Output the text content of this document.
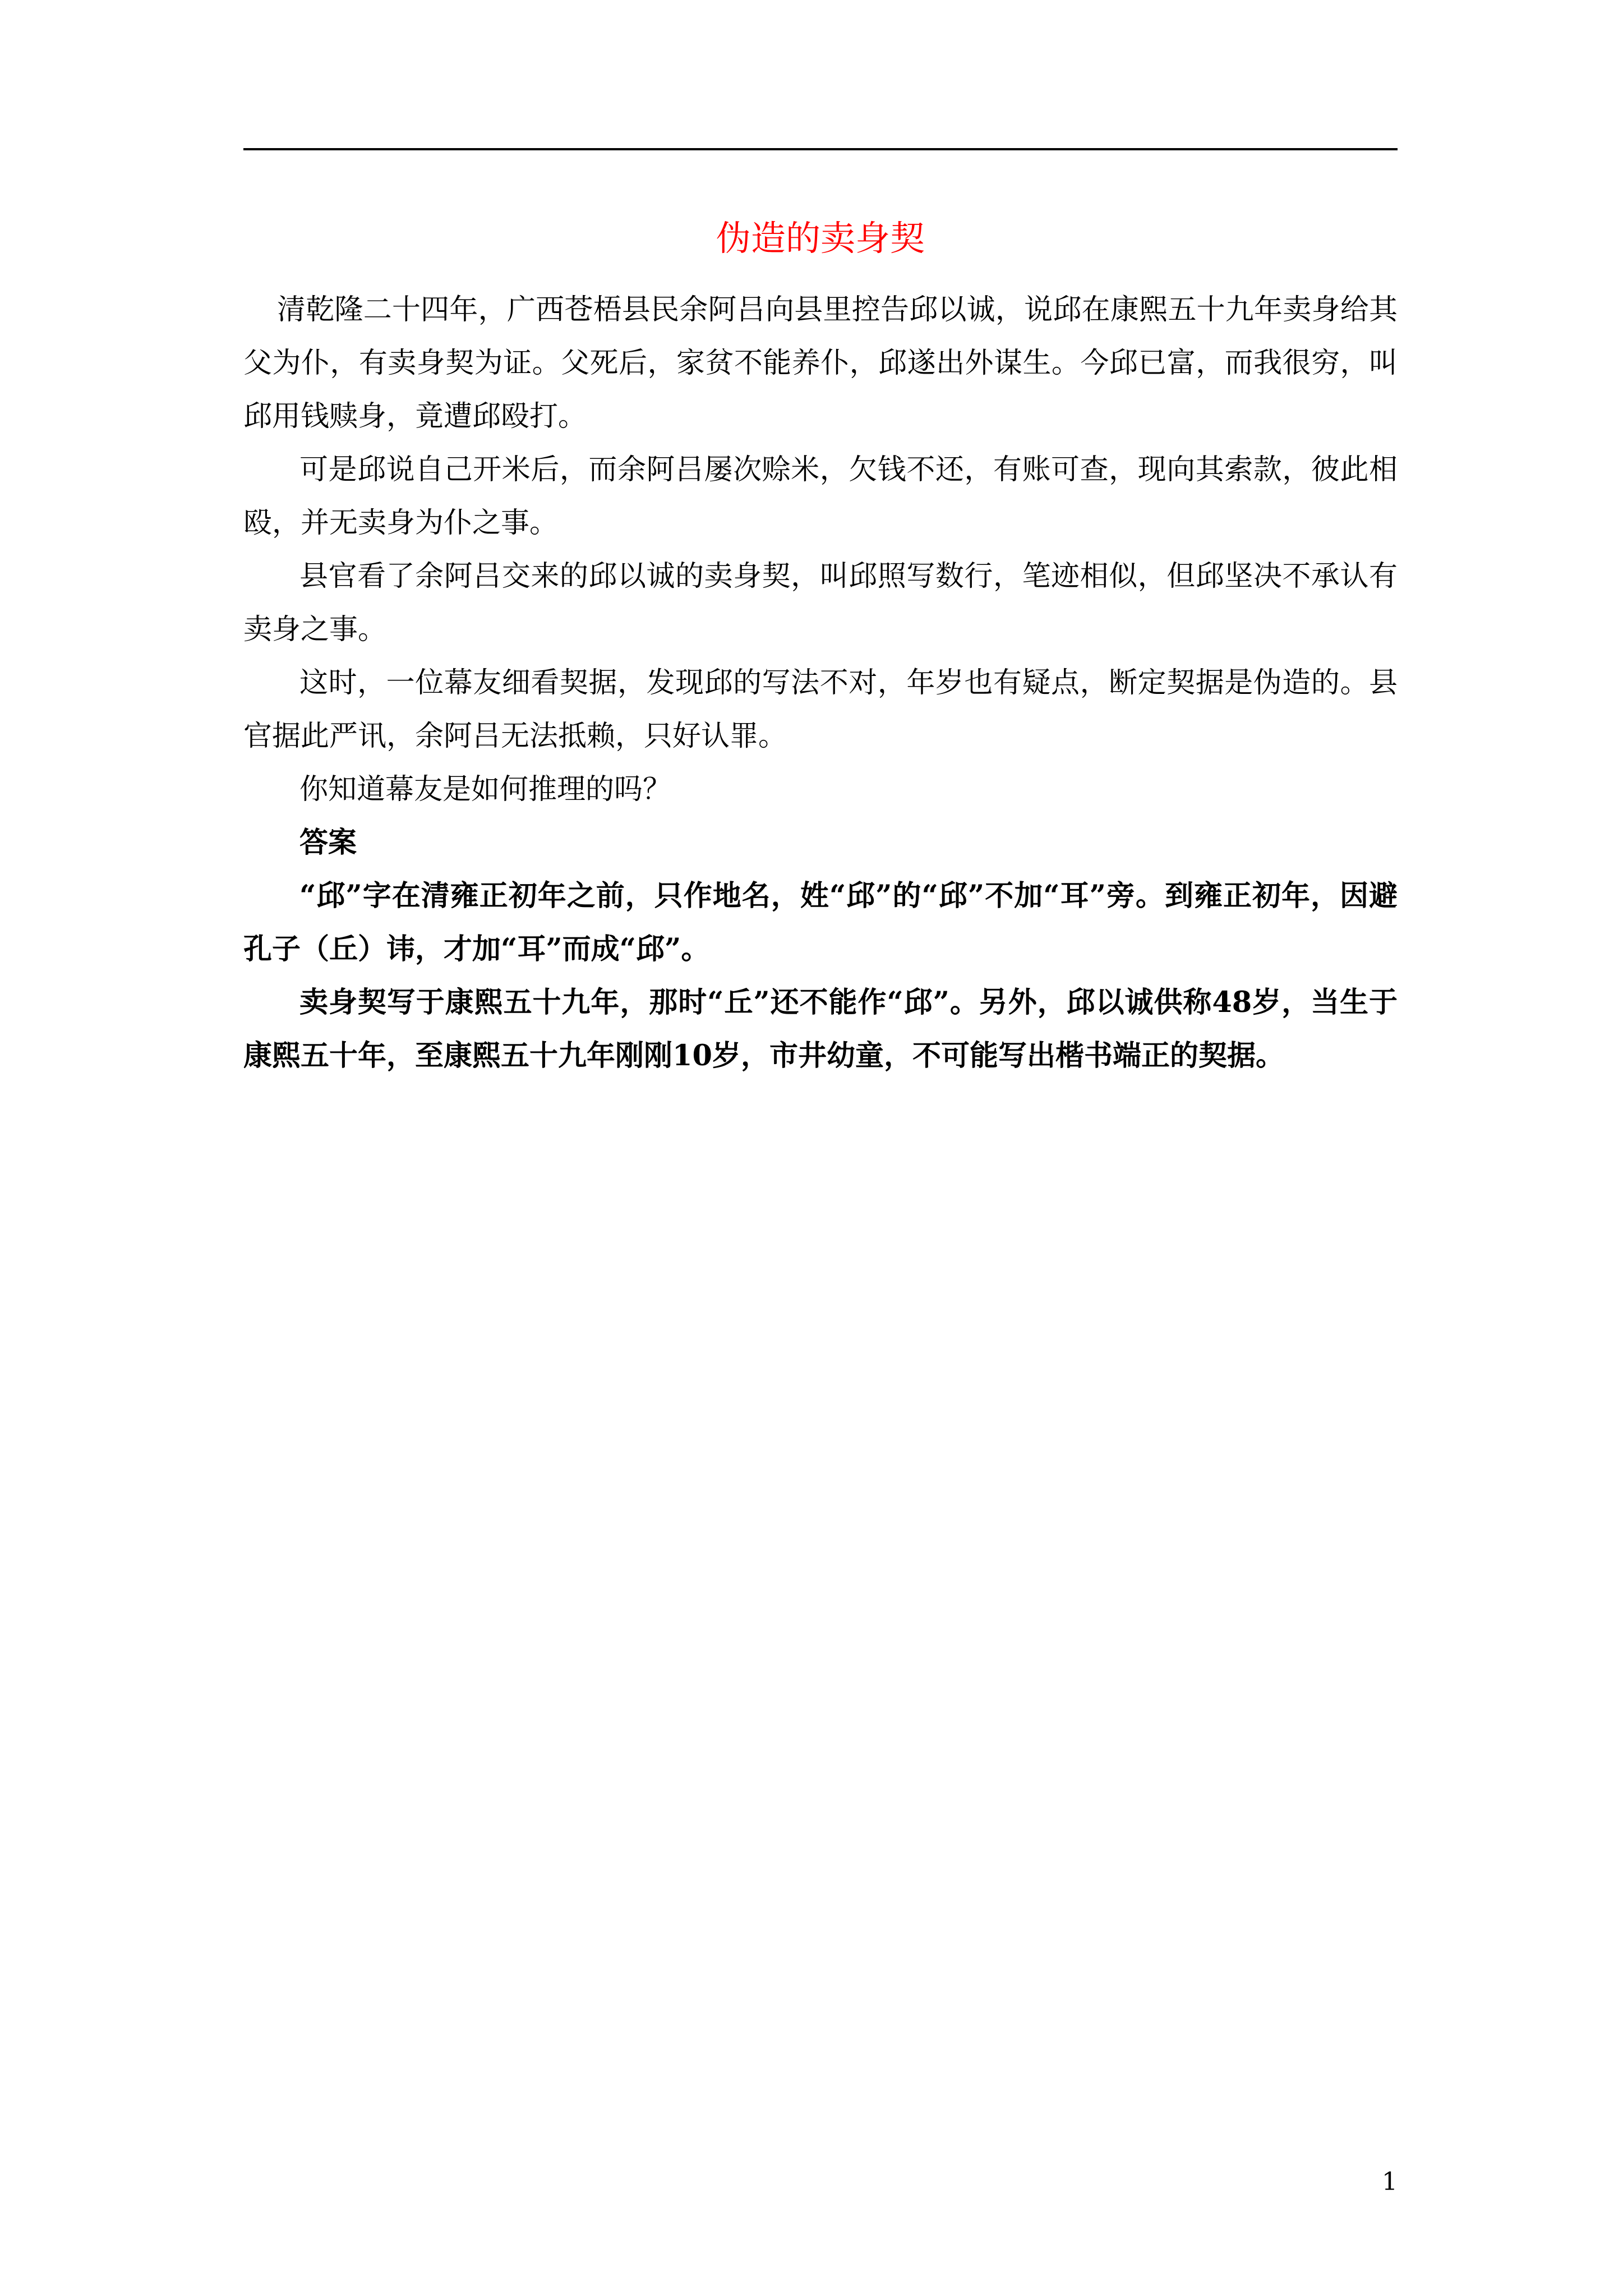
伪造的卖身契

清乾隆二十四年，广西苍梧县民余阿吕向县里控告邱以诚，说邱在康熙五十九年卖身给其父为仆，有卖身契为证。父死后，家贫不能养仆，邱遂出外谋生。今邱已富，而我很穷，叫邱用钱赎身，竟遭邱殴打。

可是邱说自己开米后，而余阿吕屡次赊米，欠钱不还，有账可查，现向其索款，彼此相殴，并无卖身为仆之事。

县官看了余阿吕交来的邱以诚的卖身契，叫邱照写数行，笔迹相似，但邱坚决不承认有卖身之事。

这时，一位幕友细看契据，发现邱的写法不对，年岁也有疑点，断定契据是伪造的。县官据此严讯，余阿吕无法抵赖，只好认罪。

你知道幕友是如何推理的吗？

答案

“邱”字在清雍正初年之前，只作地名，姓“邱”的“邱”不加“耳”旁。到雍正初年，因避孔子（丘）讳，才加“耳”而成“邱”。

卖身契写于康熙五十九年，那时“丘”还不能作“邱”。另外，邱以诚供称48岁，当生于康熙五十年，至康熙五十九年刚刚10岁，市井幼童，不可能写出楷书端正的契据。

1
